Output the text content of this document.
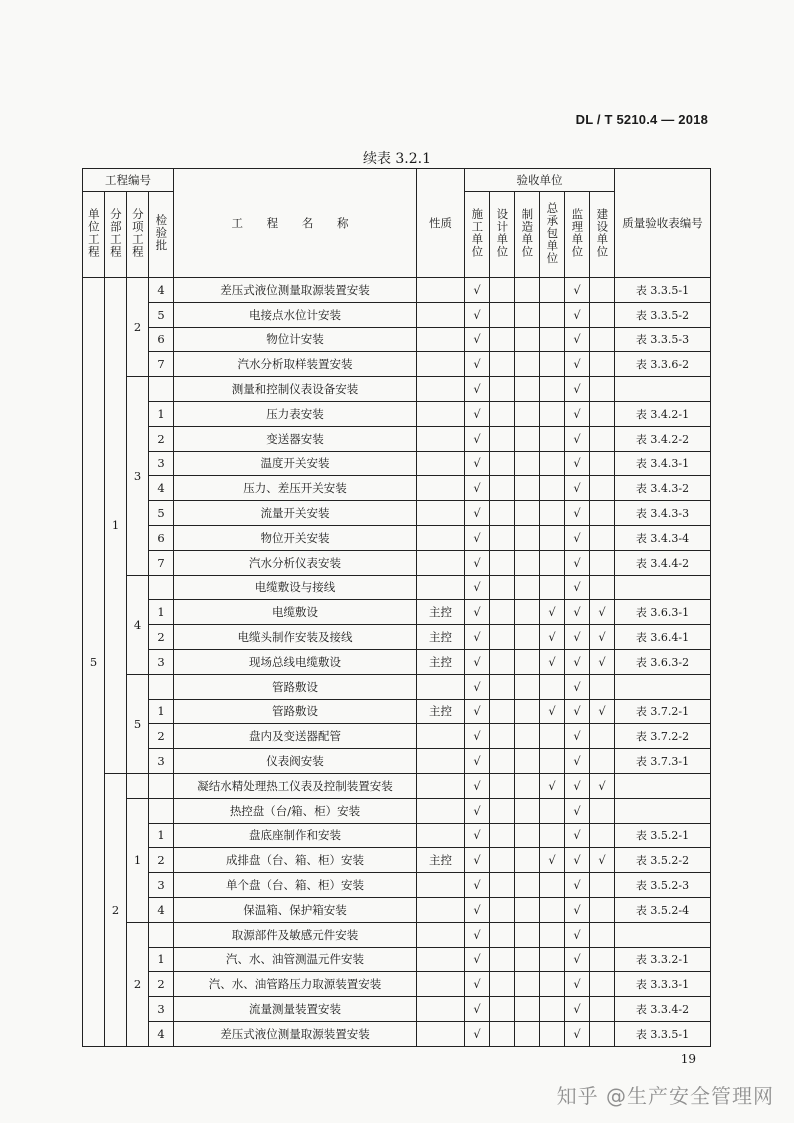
DL / T 5210.4 — 2018
续表 3.2.1
工程编号				工 程 名 称	性质	验收单位						质量验收表编号
单位工程	分部工程	分项工程	检验批			施工单位	设计单位	制造单位	总承包单位	监理单位	建设单位	
5	1	2	4	差压式液位测量取源装置安装		√				√		表 3.3.5-1
			5	电接点水位计安装		√				√		表 3.3.5-2
			6	物位计安装		√				√		表 3.3.5-3
			7	汽水分析取样装置安装		√				√		表 3.3.6-2
		3		测量和控制仪表设备安装		√				√		
			1	压力表安装		√				√		表 3.4.2-1
			2	变送器安装		√				√		表 3.4.2-2
			3	温度开关安装		√				√		表 3.4.3-1
			4	压力、差压开关安装		√				√		表 3.4.3-2
			5	流量开关安装		√				√		表 3.4.3-3
			6	物位开关安装		√				√		表 3.4.3-4
			7	汽水分析仪表安装		√				√		表 3.4.4-2
		4		电缆敷设与接线		√				√		
			1	电缆敷设	主控	√			√	√	√	表 3.6.3-1
			2	电缆头制作安装及接线	主控	√			√	√	√	表 3.6.4-1
			3	现场总线电缆敷设	主控	√			√	√	√	表 3.6.3-2
		5		管路敷设		√				√		
			1	管路敷设	主控	√			√	√	√	表 3.7.2-1
			2	盘内及变送器配管		√				√		表 3.7.2-2
			3	仪表阀安装		√				√		表 3.7.3-1
	2			凝结水精处理热工仪表及控制装置安装		√			√	√	√	
		1		热控盘（台/箱、柜）安装		√				√		
			1	盘底座制作和安装		√				√		表 3.5.2-1
			2	成排盘（台、箱、柜）安装	主控	√			√	√	√	表 3.5.2-2
			3	单个盘（台、箱、柜）安装		√				√		表 3.5.2-3
			4	保温箱、保护箱安装		√				√		表 3.5.2-4
		2		取源部件及敏感元件安装		√				√		
			1	汽、水、油管测温元件安装		√				√		表 3.3.2-1
			2	汽、水、油管路压力取源装置安装		√				√		表 3.3.3-1
			3	流量测量装置安装		√				√		表 3.3.4-2
			4	差压式液位测量取源装置安装		√				√		表 3.3.5-1
19
知乎 @生产安全管理网
